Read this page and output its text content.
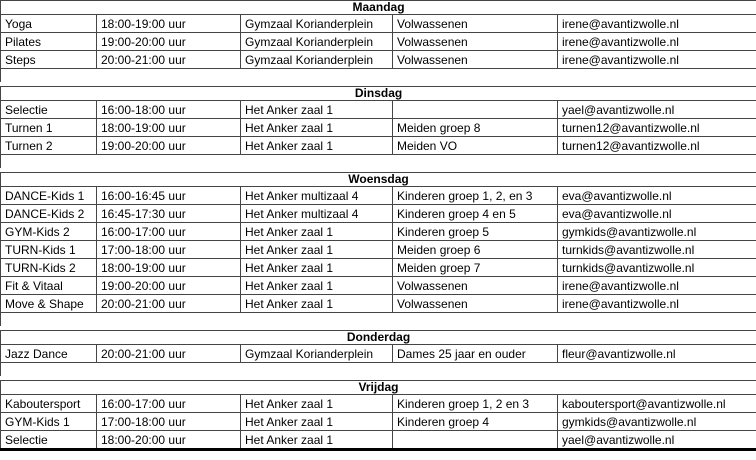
Maandag				
Yoga	18:00-19:00 uur	Gymzaal Korianderplein	Volwassenen	irene@avantizwolle.nl
Pilates	19:00-20:00 uur	Gymzaal Korianderplein	Volwassenen	irene@avantizwolle.nl
Steps	20:00-21:00 uur	Gymzaal Korianderplein	Volwassenen	irene@avantizwolle.nl
Dinsdag				
Selectie	16:00-18:00 uur	Het Anker zaal 1		yael@avantizwolle.nl
Turnen 1	18:00-19:00 uur	Het Anker zaal 1	Meiden groep 8	turnen12@avantizwolle.nl
Turnen 2	19:00-20:00 uur	Het Anker zaal 1	Meiden VO	turnen12@avantizwolle.nl
Woensdag				
DANCE-Kids 1	16:00-16:45 uur	Het Anker multizaal 4	Kinderen groep 1, 2, en 3	eva@avantizwolle.nl
DANCE-Kids 2	16:45-17:30 uur	Het Anker multizaal 4	Kinderen groep 4 en 5	eva@avantizwolle.nl
GYM-Kids 2	16:00-17:00 uur	Het Anker zaal 1	Kinderen groep 5	gymkids@avantizwolle.nl
TURN-Kids 1	17:00-18:00 uur	Het Anker zaal 1	Meiden groep 6	turnkids@avantizwolle.nl
TURN-Kids 2	18:00-19:00 uur	Het Anker zaal 1	Meiden groep 7	turnkids@avantizwolle.nl
Fit & Vitaal	19:00-20:00 uur	Het Anker zaal 1	Volwassenen	irene@avantizwolle.nl
Move & Shape	20:00-21:00 uur	Het Anker zaal 1	Volwassenen	irene@avantizwolle.nl
Donderdag
Jazz Dance	20:00-21:00 uur	Gymzaal Korianderplein	Dames 25 jaar en ouder	fleur@avantizwolle.nl
Vrijdag				
Kaboutersport	16:00-17:00 uur	Het Anker zaal 1	Kinderen groep 1, 2 en 3	kaboutersport@avantizwolle.nl
GYM-Kids 1	17:00-18:00 uur	Het Anker zaal 1	Kinderen groep 4	gymkids@avantizwolle.nl
Selectie	18:00-20:00 uur	Het Anker zaal 1		yael@avantizwolle.nl
